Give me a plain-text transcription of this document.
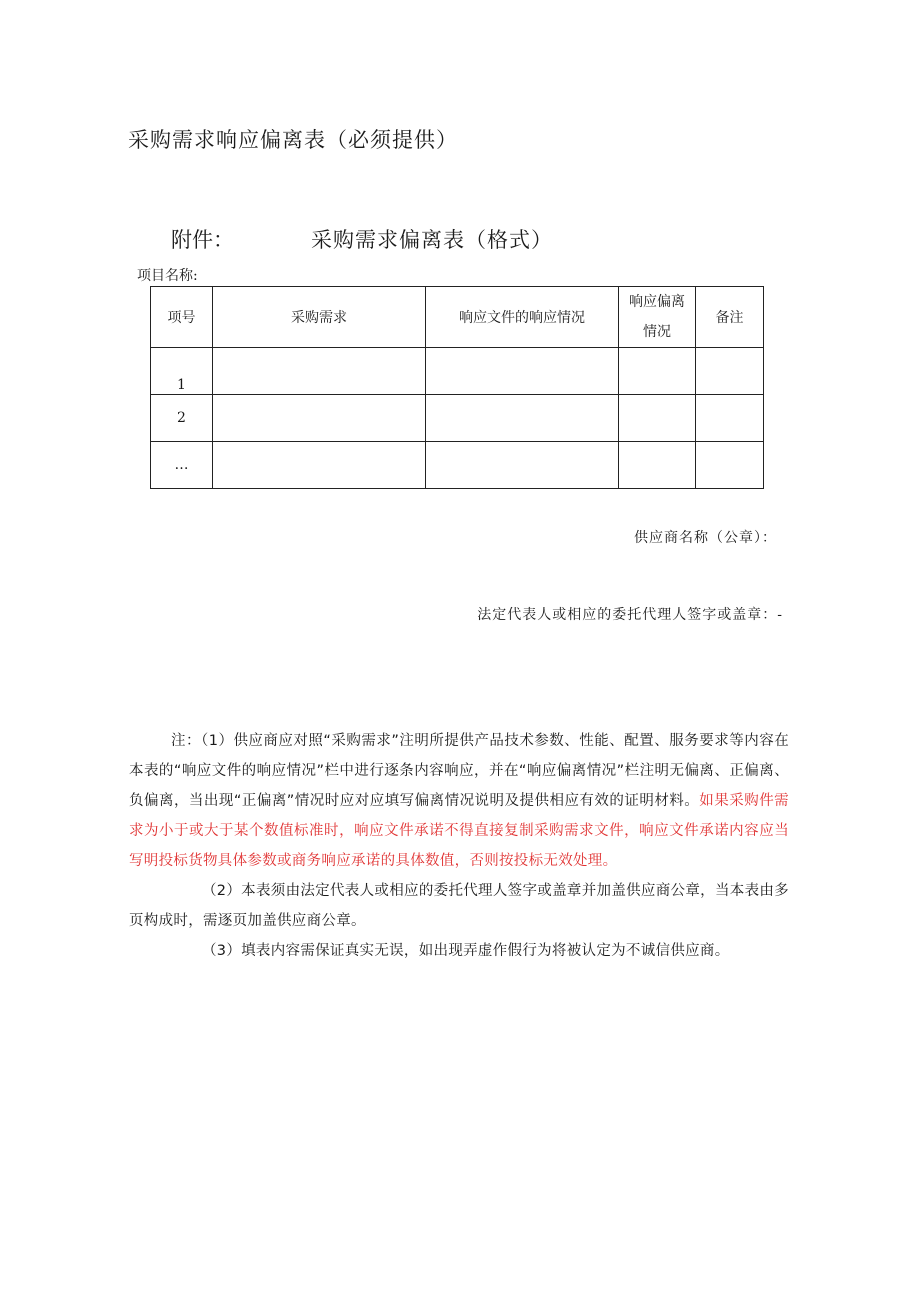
采购需求响应偏离表（必须提供）
附件：	采购需求偏离表（格式）
项目名称:
项号	采购需求	响应文件的响应情况	响应偏离情况	备注
1				
2				
…				
供应商名称（公章）：
法定代表人或相应的委托代理人签字或盖章：-

注：（1）供应商应对照“采购需求”注明所提供产品技术参数、性能、配置、服务要求等内容在本表的“响应文件的响应情况”栏中进行逐条内容响应，并在“响应偏离情况”栏注明无偏离、正偏离、负偏离，当出现“正偏离”情况时应对应填写偏离情况说明及提供相应有效的证明材料。如果采购件需求为小于或大于某个数值标准时，响应文件承诺不得直接复制采购需求文件，响应文件承诺内容应当写明投标货物具体参数或商务响应承诺的具体数值，否则按投标无效处理。

（2）本表须由法定代表人或相应的委托代理人签字或盖章并加盖供应商公章，当本表由多页构成时，需逐页加盖供应商公章。

（3）填表内容需保证真实无误，如出现弄虚作假行为将被认定为不诚信供应商。
